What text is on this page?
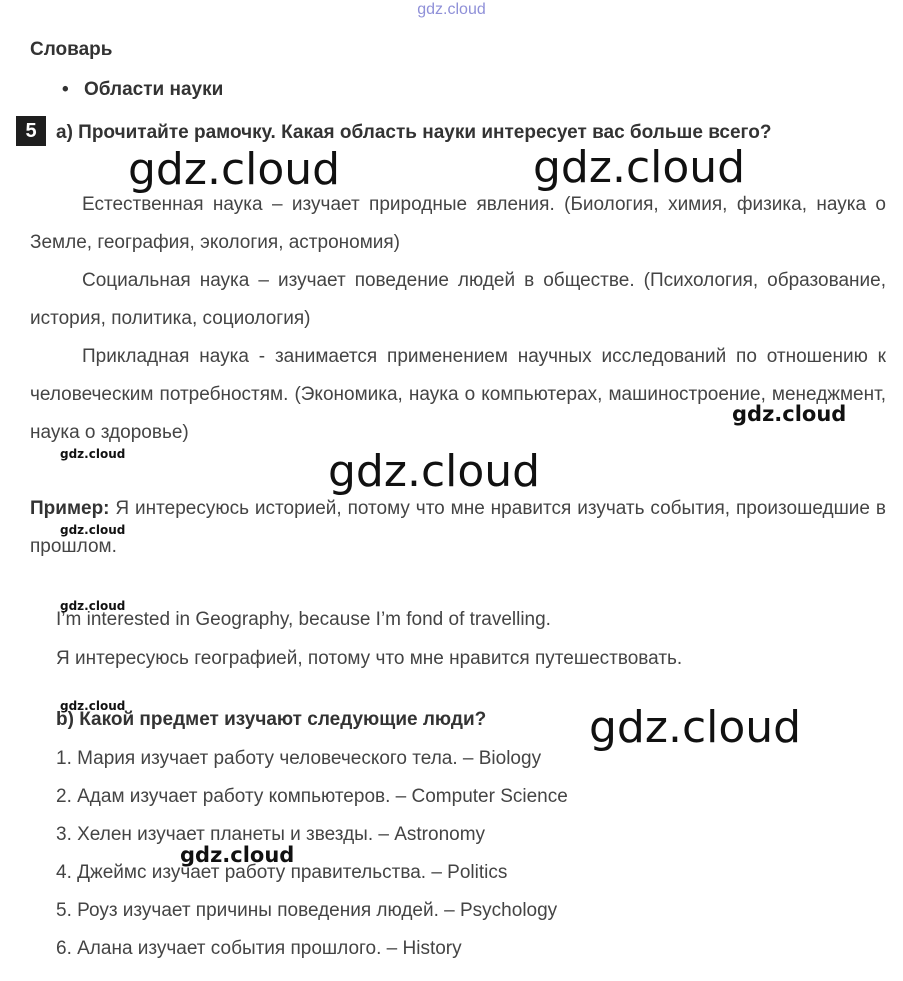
gdz.cloud
Словарь
• Области науки
5	a) Прочитайте рамочку. Какая область науки интересует вас больше всего?
Естественная наука – изучает природные явления. (Биология, химия, физика, наука о Земле, география, экология, астрономия)
Социальная наука – изучает поведение людей в обществе. (Психология, образование, история, политика, социология)
Прикладная наука - занимается применением научных исследований по отношению к человеческим потребностям. (Экономика, наука о компьютерах, машиностроение, менеджмент, наука о здоровье)
Пример: Я интересуюсь историей, потому что мне нравится изучать события, произошедшие в прошлом.
I’m interested in Geography, because I’m fond of travelling.
Я интересуюсь географией, потому что мне нравится путешествовать.
b) Какой предмет изучают следующие люди?
1. Мария изучает работу человеческого тела. – Biology
2. Адам изучает работу компьютеров. – Computer Science
3. Хелен изучает планеты и звезды. – Astronomy
4. Джеймс изучает работу правительства. – Politics
5. Роуз изучает причины поведения людей. – Psychology
6. Алана изучает события прошлого. – History
gdz.cloud	gdz.cloud
gdz.cloud
gdz.cloud
gdz.cloud
gdz.cloud
gdz.cloud
gdz.cloud
gdz.cloud
gdz.cloud
